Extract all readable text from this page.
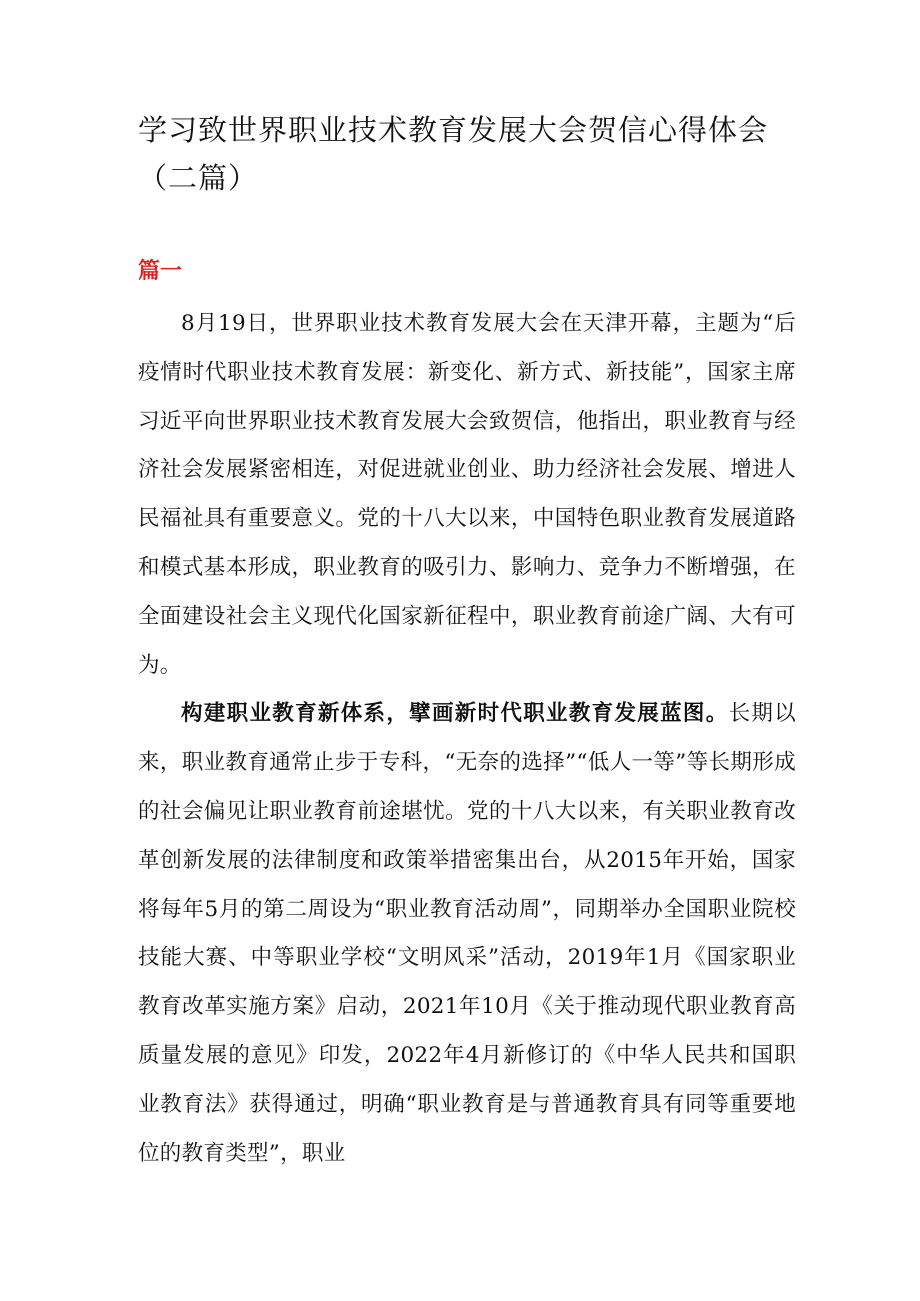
学习致世界职业技术教育发展大会贺信心得体会（二篇）
篇一

8月19日，世界职业技术教育发展大会在天津开幕，主题为“后疫情时代职业技术教育发展：新变化、新方式、新技能”，国家主席习近平向世界职业技术教育发展大会致贺信，他指出，职业教育与经济社会发展紧密相连，对促进就业创业、助力经济社会发展、增进人民福祉具有重要意义。党的十八大以来，中国特色职业教育发展道路和模式基本形成，职业教育的吸引力、影响力、竞争力不断增强，在全面建设社会主义现代化国家新征程中，职业教育前途广阔、大有可为。

构建职业教育新体系，擘画新时代职业教育发展蓝图。长期以来，职业教育通常止步于专科，“无奈的选择”“低人一等”等长期形成的社会偏见让职业教育前途堪忧。党的十八大以来，有关职业教育改革创新发展的法律制度和政策举措密集出台，从2015年开始，国家将每年5月的第二周设为“职业教育活动周”，同期举办全国职业院校技能大赛、中等职业学校“文明风采”活动，2019年1月《国家职业教育改革实施方案》启动，2021年10月《关于推动现代职业教育高质量发展的意见》印发，2022年4月新修订的《中华人民共和国职业教育法》获得通过，明确“职业教育是与普通教育具有同等重要地位的教育类型”，职业
